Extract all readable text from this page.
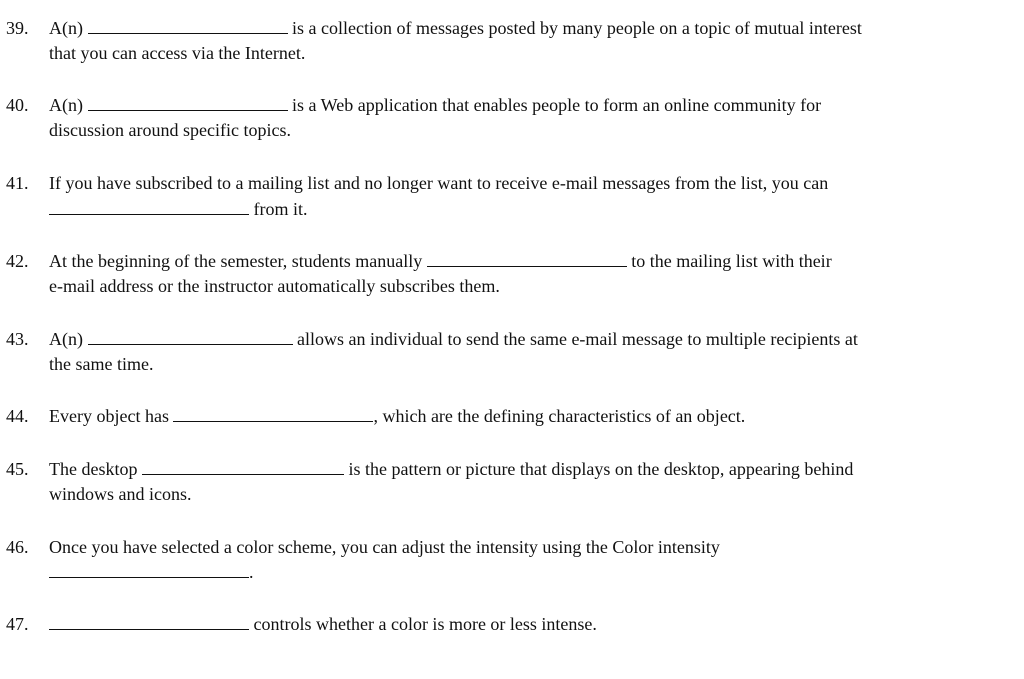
39. A(n)	is a collection of messages posted by many people on a topic of mutual interest
that you can access via the Internet.
40. A(n)	is a Web application that enables people to form an online community for
discussion around specific topics.
41. If you have subscribed to a mailing list and no longer want to receive e-mail messages from the list, you can
from it.
42. At the beginning of the semester, students manually	to the mailing list with their
e-mail address or the instructor automatically subscribes them.
43. A(n)	allows an individual to send the same e-mail message to multiple recipients at
the same time.
44. Every object has	, which are the defining characteristics of an object.
45. The desktop	is the pattern or picture that displays on the desktop, appearing behind
windows and icons.
46. Once you have selected a color scheme, you can adjust the intensity using the Color intensity
.
47.	controls whether a color is more or less intense.
